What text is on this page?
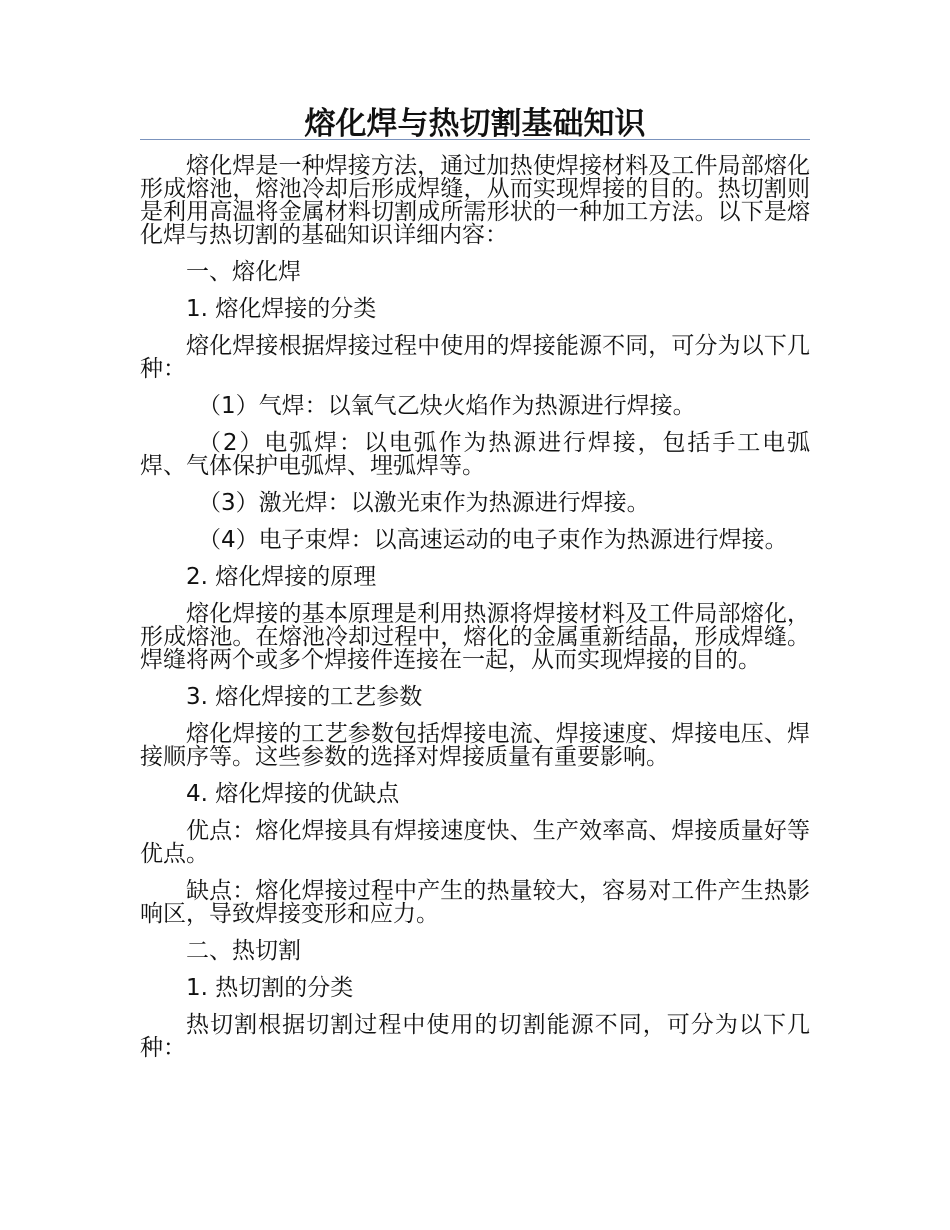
熔化焊与热切割基础知识

熔化焊是一种焊接方法，通过加热使焊接材料及工件局部熔化形成熔池，熔池冷却后形成焊缝，从而实现焊接的目的。热切割则是利用高温将金属材料切割成所需形状的一种加工方法。以下是熔化焊与热切割的基础知识详细内容：

一、熔化焊

1. 熔化焊接的分类

熔化焊接根据焊接过程中使用的焊接能源不同，可分为以下几种：

（1）气焊：以氧气乙炔火焰作为热源进行焊接。

（2）电弧焊：以电弧作为热源进行焊接，包括手工电弧焊、气体保护电弧焊、埋弧焊等。

（3）激光焊：以激光束作为热源进行焊接。

（4）电子束焊：以高速运动的电子束作为热源进行焊接。

2. 熔化焊接的原理

熔化焊接的基本原理是利用热源将焊接材料及工件局部熔化，形成熔池。在熔池冷却过程中，熔化的金属重新结晶，形成焊缝。焊缝将两个或多个焊接件连接在一起，从而实现焊接的目的。

3. 熔化焊接的工艺参数

熔化焊接的工艺参数包括焊接电流、焊接速度、焊接电压、焊接顺序等。这些参数的选择对焊接质量有重要影响。

4. 熔化焊接的优缺点

优点：熔化焊接具有焊接速度快、生产效率高、焊接质量好等优点。

缺点：熔化焊接过程中产生的热量较大，容易对工件产生热影响区，导致焊接变形和应力。

二、热切割

1. 热切割的分类

热切割根据切割过程中使用的切割能源不同，可分为以下几种：
